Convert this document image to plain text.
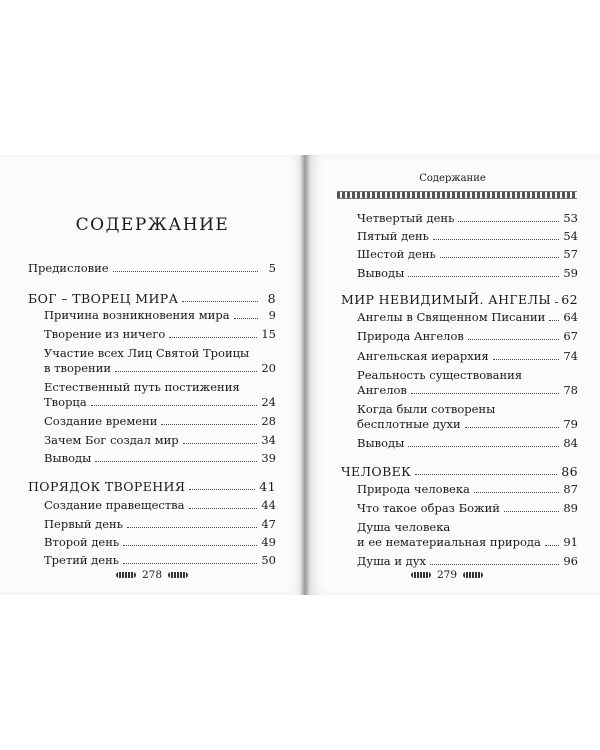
СОДЕРЖАНИЕ
Предисловие	5
БОГ – ТВОРЕЦ МИРА	8
Причина возникновения мира	9
Творение из ничего	15
Участие всех Лиц Святой Троицы
в творении	20
Естественный путь постижения
Творца	24
Создание времени	28
Зачем Бог создал мир	34
Выводы	39
ПОРЯДОК ТВОРЕНИЯ	41
Создание правеществa	44
Первый день	47
Второй день	49
Третий день	50
278
Содержание
Четвертый день	53
Пятый день	54
Шестой день	57
Выводы	59
МИР НЕВИДИМЫЙ. АНГЕЛЫ 62
Ангелы в Священном Писании 64
Природа Ангелов	67
Ангельская иерархия	74
Реальность существования
Ангелов	78
Когда были сотворены
бесплотные духи	79
Выводы	84
ЧЕЛОВЕК	86
Природа человека	87
Что такое образ Божий	89
Душа человека
и ее нематериальная природа 91
Душа и дух	96
279
